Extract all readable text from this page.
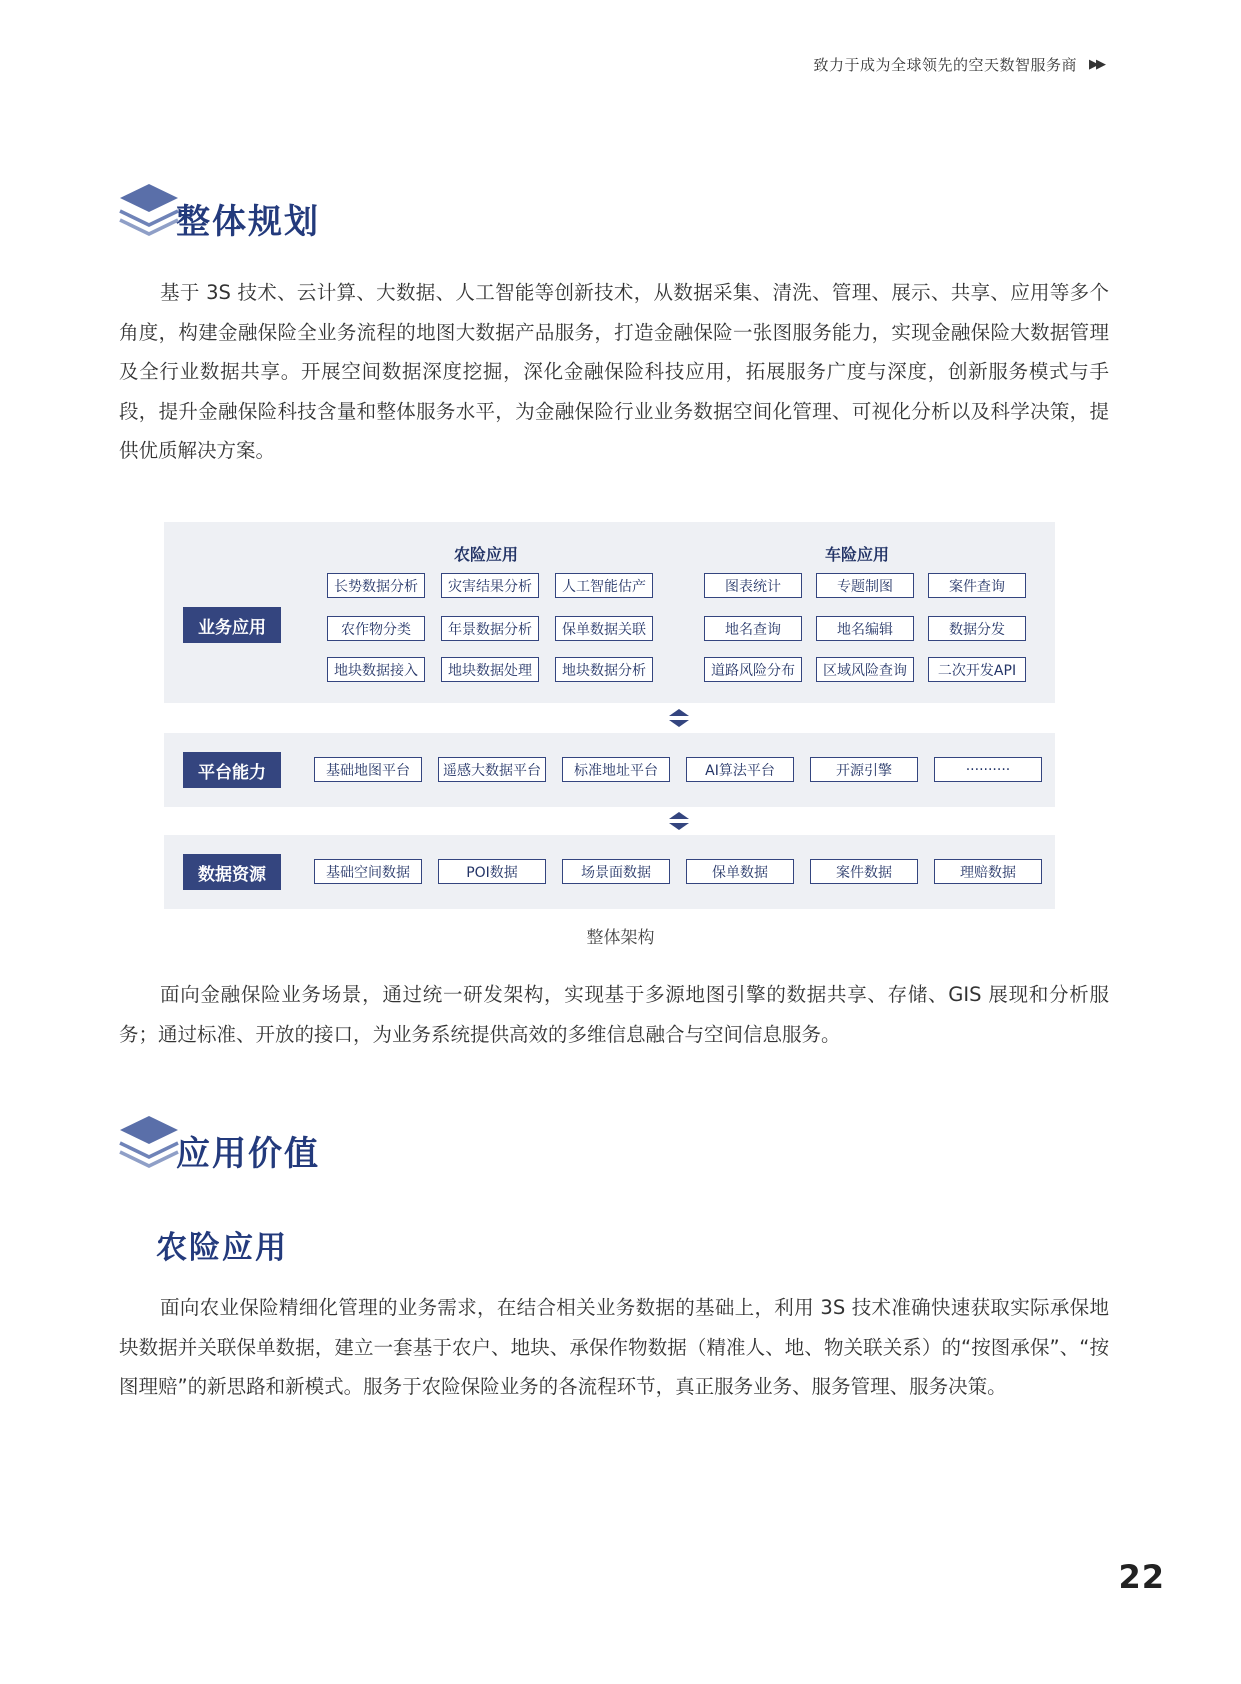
致力于成为全球领先的空天数智服务商 ▶▶
整体规划

基于 3S 技术、云计算、大数据、人工智能等创新技术，从数据采集、清洗、管理、展示、共享、应用等多个角度，构建金融保险全业务流程的地图大数据产品服务，打造金融保险一张图服务能力，实现金融保险大数据管理及全行业数据共享。开展空间数据深度挖掘，深化金融保险科技应用，拓展服务广度与深度，创新服务模式与手段，提升金融保险科技含量和整体服务水平，为金融保险行业业务数据空间化管理、可视化分析以及科学决策，提供优质解决方案。

业务应用
农险应用	车险应用
长势数据分析	灾害结果分析	人工智能估产
农作物分类	年景数据分析	保单数据关联
地块数据接入	地块数据处理	地块数据分析
图表统计	专题制图	案件查询
地名查询	地名编辑	数据分发
道路风险分布	区域风险查询	二次开发API
平台能力	基础地图平台	遥感大数据平台	标准地址平台	AI算法平台	开源引擎	··········
数据资源	基础空间数据	POI数据	场景面数据	保单数据	案件数据	理赔数据
整体架构

面向金融保险业务场景，通过统一研发架构，实现基于多源地图引擎的数据共享、存储、GIS 展现和分析服务；通过标准、开放的接口，为业务系统提供高效的多维信息融合与空间信息服务。

应用价值
农险应用

面向农业保险精细化管理的业务需求，在结合相关业务数据的基础上，利用 3S 技术准确快速获取实际承保地块数据并关联保单数据，建立一套基于农户、地块、承保作物数据（精准人、地、物关联关系）的“按图承保”、“按图理赔”的新思路和新模式。服务于农险保险业务的各流程环节，真正服务业务、服务管理、服务决策。

22
